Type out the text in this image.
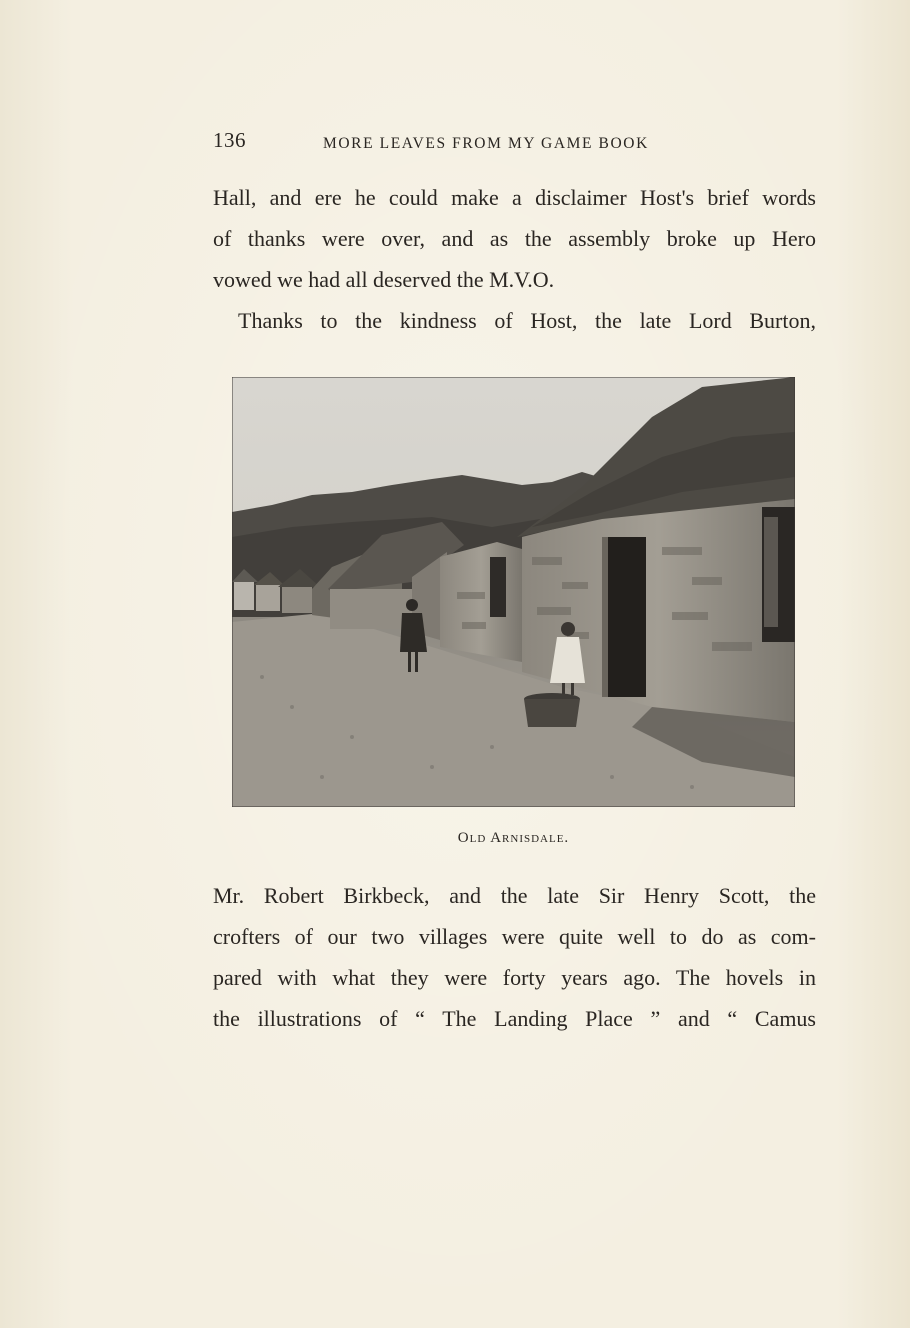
136	MORE LEAVES FROM MY GAME BOOK
Hall, and ere he could make a disclaimer Host's brief words
of thanks were over, and as the assembly broke up Hero
vowed we had all deserved the M.V.O.
Thanks to the kindness of Host, the late Lord Burton,
Old Arnisdale.
Mr. Robert Birkbeck, and the late Sir Henry Scott, the
crofters of our two villages were quite well to do as com-
pared with what they were forty years ago. The hovels in
the illustrations of “ The Landing Place ” and “ Camus
